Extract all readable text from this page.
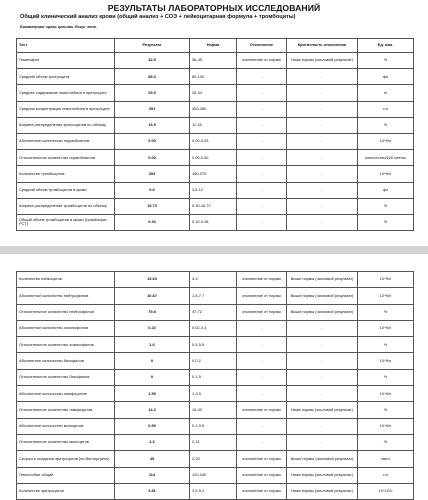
РЕЗУЛЬТАТЫ ЛАБОРАТОРНЫХ ИССЛЕДОВАНИЙ
Общий клинический анализ крови (общий анализ + СОЭ + лейкоцитарная формула + тромбоциты)
Биоматериал: кровь цельная. Локус: вена.
Тест	Результат	Норма	Отклонение	Критичность отклонения	Ед. изм.
Гематокрит	32.5	36-45	отклонение от нормы	Ниже нормы (числовой результат)	%
Средний объем эритроцита	85.3	80-100	-	-	фл
Среднее содержание гемоглобина в эритроците	29.9	26-34	-	-	пг
Средняя концентрация гемоглобина в эритроците	351	300-380	-	-	г/л
Ширина распределения эритроцитов по объему	13.9	11-16	-	-	%
Абсолютное количество нормобластов	0.00	0.00-0.03	-	-	10^9/л
Относительное количество нормобластов	0.00	0.00-0.50	-	-	количество/100 клеток
Количество тромбоцитов	354	180-370	-	-	10^9/л
Средний объем тромбоцитов в крови	9.6	3.6-12	-	-	фл
Ширина распределения тромбоцитов по объему	15.70	9.30-16.70	-	-	%
Общий объем тромбоцитов в крови (тромбокрит, PCT)	0.34	0.19-0.38	-	-	%
Количество лейкоцитов	13.63	4-9	отклонение от нормы	Выше нормы (числовой результат)	10^9/л
Абсолютное количество нейтрофилов	10.87	1.8-7.7	отклонение от нормы	Выше нормы (числовой результат)	10^9/л
Относительное количество нейтрофилов	79.8	47-72	отклонение от нормы	Выше нормы (числовой результат)	%
Абсолютное количество эозинофилов	0.22	0.02-0.4	-	-	10^9/л
Относительное количество эозинофилов	1.6	0.5-5.5	-	-	%
Абсолютное количество базофилов	0	0-0.2	-	-	10^9/л
Относительное количество базофилов	0	0-1.5	-	-	%
Абсолютное количество лимфоцитов	1.95	1-3.5	-	-	10^9/л
Относительное количество лимфоцитов	14.3	19-40	отклонение от нормы	Ниже нормы (числовой результат)	%
Абсолютное количество моноцитов	0.59	0.1-0.8	-	-	10^9/л
Относительное количество моноцитов	4.3	2-11	-	-	%
Скорость оседания эритроцитов (по Вестергрену)	49	2-20	отклонение от нормы	Выше нормы (числовой результат)	мм/ч
Гемоглобин общий	114	120-150	отклонение от нормы	Ниже нормы (числовой результат)	г/л
Количество эритроцитов	3.81	3.9-5.2	отклонение от нормы	Ниже нормы (числовой результат)	10^12/л
